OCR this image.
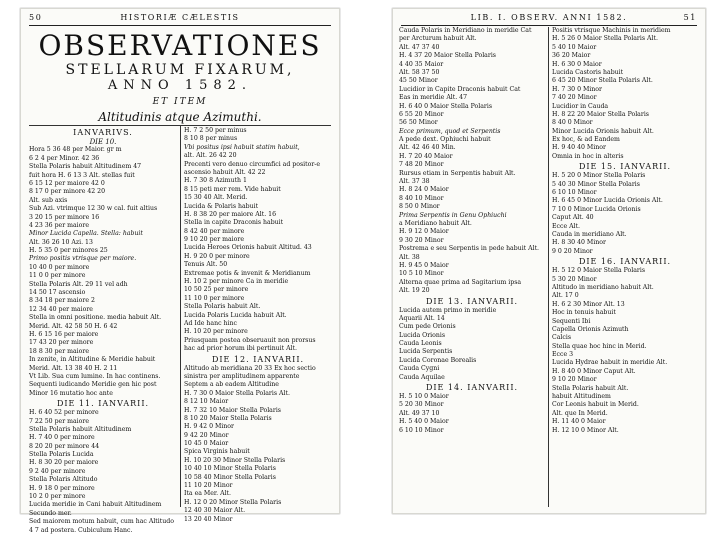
50	HISTORIÆ CÆLESTIS
OBSERVATIONES
STELLARUM FIXARUM,
ANNO 1582.
ET ITEM
Altitudinis atque Azimuthi.
IANVARIVS.
DIE 10.
Hora 5 36 48 per Maior. gr m
6 2 4 per Minor. 42 36
Stella Polaris habuit Altitudinem 47
fuit hora H. 6 13 3 Alt. stellas fuit
6 15 12 per maiore 42 0
8 17 0 per minore 42 20
Alt. sub axis
Sub Azi. vtrimque 12 30 w cal. fuit altius
3 20 15 per minore 16
4 23 36 per maiore
Minor Lucida Capella. Stella: habuit
Alt. 36 26 10 Azi. 13
H. 5 35 0 per minores 25
Primo positis vtrisque per maiore.
10 40 0 per minore
11 0 0 per minore
Stella Polaris Alt. 29 11 vel adh
14 50 17 ascensio
8 34 18 per maiore 2
12 34 40 per maiore
Stella in omni positione. media habuit Alt.
Merid. Alt. 42 58 50 H. 6 42
H. 6 15 16 per maiore
17 43 20 per minore
18 8 30 per maiore
In zenite, in Altitudine & Meridie habuit
Merid. Alt. 13 38 40 H. 2 11
Vt Lib. Sua cum lumine. In hac continens.
Sequenti iudicando Meridie gen hic post
Minor 16 mutatio hoc ante
DIE 11. IANVARII.
H. 6 40 52 per minore
7 22 50 per maiore
Stella Polaris habuit Altitudinem
H. 7 40 0 per minore
8 20 20 per minore 44
Stella Polaris Lucida
H. 8 30 20 per maiore
9 2 40 per minore
Stella Polaris Altitudo
H. 9 18 0 per minore
10 2 0 per minore
Lucida meridie in Cani habuit Altitudinem
Secundo mer.
Sed maiorem motum habuit, cum hac Altitudo
4 7 ad postera. Cubiculum Hanc.
H. 7 2 50 per minus
8 10 8 per minus
Vbi positus ipsi habuit statim habuit,
alt. Alt. 26 42 20
Precenti vero denuo circumfici ad positor-e
ascensio habuit Alt. 42 22
H. 7 30 8 Azimuth 1
8 15 peti mer rem. Vide habuit
15 30 40 Alt. Merid.
Lucida & Polaris habuit
H. 8 38 20 per maiore Alt. 16
Stella in capite Draconis habuit
8 42 40 per minore
9 10 20 per maiore
Lucida Heroes Orionis habuit Altitud. 43
H. 9 20 0 per minore
Tenuis Alt. 50
Extremae potis & invenit & Meridianum
H. 10 2 per minore Ca in meridie
10 50 25 per minore
11 10 0 per minore
Stella Polaris habuit Alt.
Lucida Polaris Lucida habuit Alt.
Ad Ide hanc hinc
H. 10 20 per minore
Priusquam postea obseruauit non prorsus
hac ad prior horum ibi pertinuit Alt.
DIE 12. IANVARII.
Altitudo ab meridiana 20 33 Ex hoc sectio
sinistra per amplitudinem apparente
Septem a ab eadem Altitudine
H. 7 30 0 Maior Stella Polaris Alt.
8 12 10 Maior
H. 7 32 10 Maior Stella Polaris
8 10 20 Maior Stella Polaris
H. 9 42 0 Minor
9 42 20 Minor
10 45 0 Maior
Spica Virginis habuit
H. 10 20 30 Minor Stella Polaris
10 40 10 Minor Stella Polaris
10 58 40 Minor Stella Polaris
11 10 20 Minor
Ita ea Mer. Alt.
H. 12 0 20 Minor Stella Polaris
12 40 30 Maior Alt.
13 20 40 Minor
LIB. I. OBSERV. ANNI 1582.	51
Cauda Polaris in Meridiano in meridie Cat
per Arcturum habuit Alt.
Alt. 47 37 40
H. 4 37 20 Maior Stella Polaris
4 40 35 Maior
Alt. 58 37 50
45 50 Minor
Lucidior in Capite Draconis habuit Cat
Eas in meridie Alt. 47
H. 6 40 0 Maior Stella Polaris
6 55 20 Minor
56 50 Minor
Ecce primum, quod et Serpentis
A pede dext. Ophiuchi habuit
Alt. 42 46 40 Min.
H. 7 20 40 Maior
7 48 20 Minor
Rursus etiam in Serpentis habuit Alt.
Alt. 37 38
H. 8 24 0 Maior
8 40 10 Minor
8 50 0 Minor
Prima Serpentis in Genu Ophiuchi
a Meridiano habuit Alt.
H. 9 12 0 Maior
9 30 20 Minor
Postrema e seu Serpentis in pede habuit Alt.
Alt. 38
H. 9 45 0 Maior
10 5 10 Minor
Alterna quae prima ad Sagitarium ipsa
Alt. 19 20
DIE 13. IANVARII.
Lucida autem primo in meridie
Aquarii Alt. 14
Cum pede Orionis
Lucida Orionis
Cauda Leonis
Lucida Serpentis
Lucida Coronae Borealis
Cauda Cygni
Cauda Aquilae
DIE 14. IANVARII.
H. 5 10 0 Maior
5 20 30 Minor
Alt. 49 37 10
H. 5 40 0 Maior
6 10 10 Minor
Positis vtrisque Machinis in meridiem
H. 5 26 0 Maior Stella Polaris Alt.
5 40 10 Maior
36 20 Maior
H. 6 30 0 Maior
Lucida Castoris habuit
6 45 20 Minor Stella Polaris Alt.
H. 7 30 0 Minor
7 40 20 Minor
Lucidior in Cauda
H. 8 22 20 Maior Stella Polaris
8 40 0 Minor
Minor Lucida Orionis habuit Alt.
Ex hoc, & ad Eandem
H. 9 40 40 Minor
Omnia in hoc in alteris
DIE 15. IANVARII.
H. 5 20 0 Minor Stella Polaris
5 40 30 Minor Stella Polaris
6 10 10 Minor
H. 6 45 0 Minor Lucida Orionis Alt.
7 10 0 Minor Lucida Orionis
Caput Alt. 40
Ecce Alt.
Cauda in meridiano Alt.
H. 8 30 40 Minor
9 0 20 Minor
DIE 16. IANVARII.
H. 5 12 0 Maior Stella Polaris
5 30 20 Minor
Altitudo in meridiano habuit Alt.
Alt. 17 0
H. 6 2 30 Minor Alt. 13
Hoc in tenuis habuit
Sequenti Ibi
Capella Orionis Azimuth
Calcis
Stella quae hoc hinc in Merid.
Ecce 3
Lucida Hydrae habuit in meridie Alt.
H. 8 40 0 Minor Caput Alt.
9 10 20 Minor
Stella Polaris habuit Alt.
habuit Altitudinem
Cor Leonis habuit in Merid.
Alt. que In Merid.
H. 11 40 0 Maior
H. 12 10 0 Minor Alt.
